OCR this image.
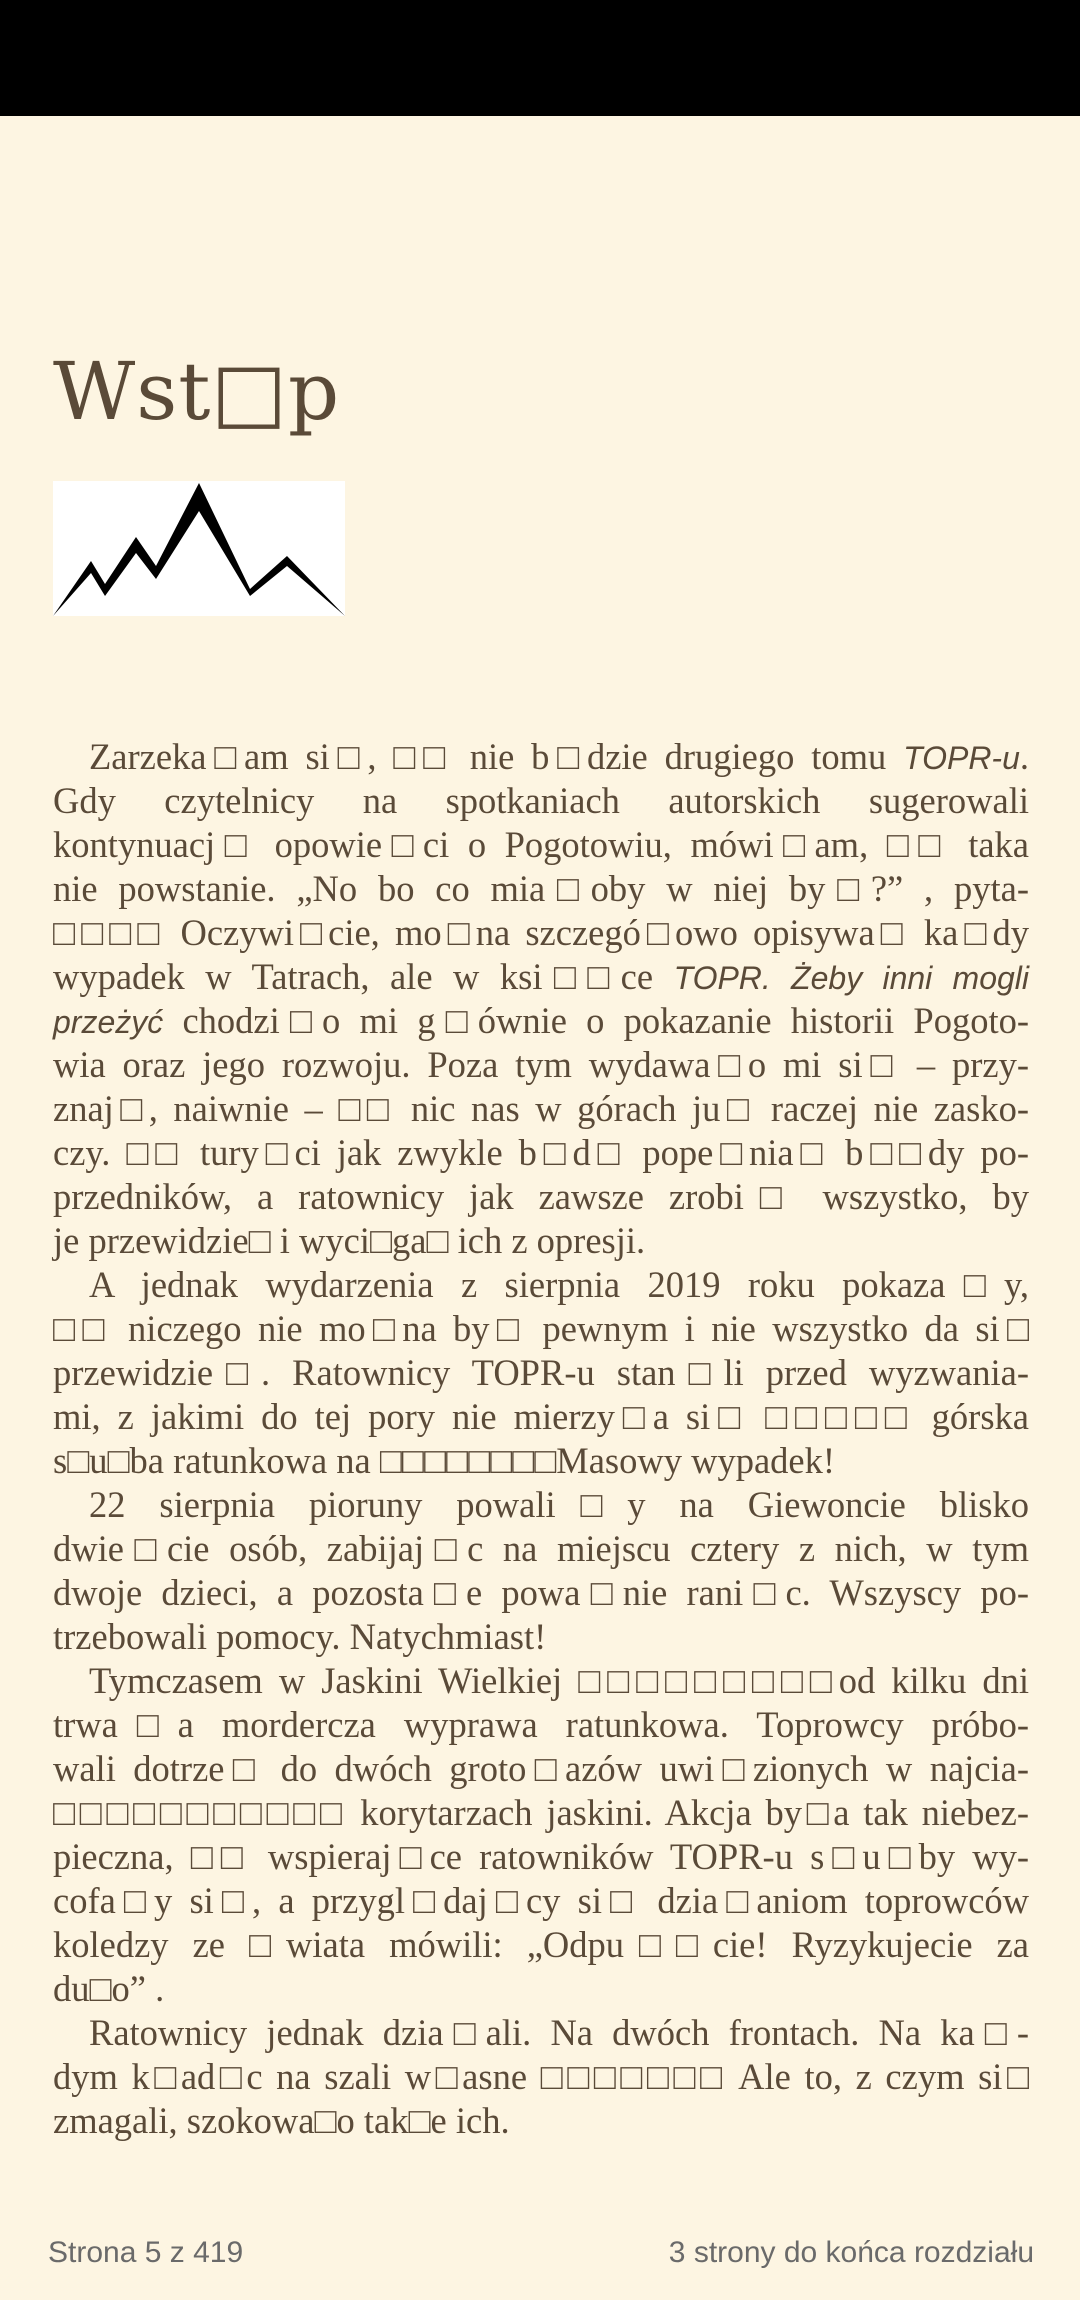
Wst□p
Zarzeka□am si□, □□ nie b□dzie drugiego tomu TOPR-u.
Gdy czytelnicy na spotkaniach autorskich sugerowali
kontynuacj□ opowie□ci o Pogotowiu, mówi□am, □□ taka
nie powstanie. „No bo co mia□oby w niej by□?” , pyta-
□□□□ Oczywi□cie, mo□na szczegó□owo opisywa□ ka□dy
wypadek w Tatrach, ale w ksi□□ce TOPR. Żeby inni mogli
przeżyć chodzi□o mi g□ównie o pokazanie historii Pogoto-
wia oraz jego rozwoju. Poza tym wydawa□o mi si□ – przy-
znaj□, naiwnie – □□ nic nas w górach ju□ raczej nie zasko-
czy. □□ tury□ci jak zwykle b□d□ pope□nia□ b□□dy po-
przedników, a ratownicy jak zawsze zrobi□ wszystko, by
je przewidzie□ i wyci□ga□ ich z opresji.
A jednak wydarzenia z sierpnia 2019 roku pokaza□y,
□□ niczego nie mo□na by□ pewnym i nie wszystko da si□
przewidzie□. Ratownicy TOPR-u stan□li przed wyzwania-
mi, z jakimi do tej pory nie mierzy□a si□ □□□□□ górska
s□u□ba ratunkowa na □□□□□□□□Masowy wypadek!
22 sierpnia pioruny powali□y na Giewoncie blisko
dwie□cie osób, zabijaj□c na miejscu cztery z nich, w tym
dwoje dzieci, a pozosta□e powa□nie rani□c. Wszyscy po-
trzebowali pomocy. Natychmiast!
Tymczasem w Jaskini Wielkiej □□□□□□□□□od kilku dni
trwa□a mordercza wyprawa ratunkowa. Toprowcy próbo-
wali dotrze□ do dwóch groto□azów uwi□zionych w najcia-
□□□□□□□□□□□ korytarzach jaskini. Akcja by□a tak niebez-
pieczna, □□ wspieraj□ce ratowników TOPR-u s□u□by wy-
cofa□y si□, a przygl□daj□cy si□ dzia□aniom toprowców
koledzy ze □wiata mówili: „Odpu□□cie! Ryzykujecie za
du□o” .
Ratownicy jednak dzia□ali. Na dwóch frontach. Na ka□-
dym k□ad□c na szali w□asne □□□□□□□ Ale to, z czym si□
zmagali, szokowa□o tak□e ich.
Strona 5 z 419	3 strony do końca rozdziału
